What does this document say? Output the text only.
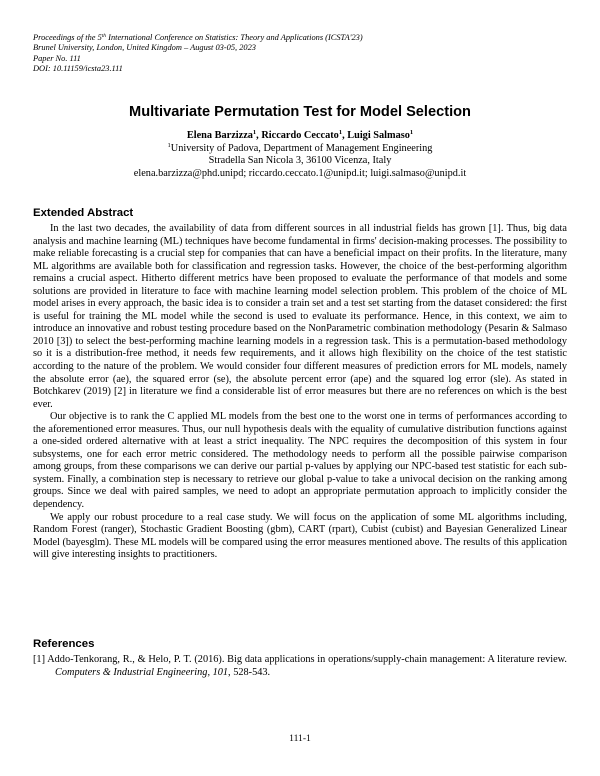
Proceedings of the 5th International Conference on Statistics: Theory and Applications (ICSTA'23)
Brunel University, London, United Kingdom – August 03-05, 2023
Paper No. 111
DOI: 10.11159/icsta23.111
Multivariate Permutation Test for Model Selection
Elena Barzizza$^1$, Riccardo Ceccato$^1$, Luigi Salmaso$^1$
$^1$University of Padova, Department of Management Engineering
Stradella San Nicola 3, 36100 Vicenza, Italy
elena.barzizza@phd.unipd; riccardo.ceccato.1@unipd.it; luigi.salmaso@unipd.it
Extended Abstract

In the last two decades, the availability of data from different sources in all industrial fields has grown [1]. Thus, big data analysis and machine learning (ML) techniques have become fundamental in firms' decision-making processes. The possibility to make reliable forecasting is a crucial step for companies that can have a beneficial impact on their profits. In the literature, many ML algorithms are available both for classification and regression tasks. However, the choice of the best-performing algorithm remains a crucial aspect. Hitherto different metrics have been proposed to evaluate the performance of that models and some solutions are provided in literature to face with machine learning model selection problem. This problem of the choice of ML model arises in every approach, the basic idea is to consider a train set and a test set starting from the dataset considered: the first is useful for training the ML model while the second is used to evaluate its performance. Hence, in this context, we aim to introduce an innovative and robust testing procedure based on the NonParametric combination methodology (Pesarin & Salmaso 2010 [3]) to select the best-performing machine learning models in a regression task. This is a permutation-based methodology so it is a distribution-free method, it needs few requirements, and it allows high flexibility on the choice of the test statistic according to the nature of the problem. We would consider four different measures of prediction errors for ML models, namely the absolute error (ae), the squared error (se), the absolute percent error (ape) and the squared log error (sle). As stated in Botchkarev (2019) [2] in literature we find a considerable list of error measures but there are no references on which is the best ever.

Our objective is to rank the C applied ML models from the best one to the worst one in terms of performances according to the aforementioned error measures. Thus, our null hypothesis deals with the equality of cumulative distribution functions against a one-sided ordered alternative with at least a strict inequality. The NPC requires the decomposition of this system in four subsystems, one for each error metric considered. The methodology needs to perform all the possible pairwise comparison among groups, from these comparisons we can derive our partial p-values by applying our NPC-based test statistic for each sub-system. Finally, a combination step is necessary to retrieve our global p-value to take a univocal decision on the ranking among groups. Since we deal with paired samples, we need to adopt an appropriate permutation approach to implicitly consider the dependency.

We apply our robust procedure to a real case study. We will focus on the application of some ML algorithms including, Random Forest (ranger), Stochastic Gradient Boosting (gbm), CART (rpart), Cubist (cubist) and Bayesian Generalized Linear Model (bayesglm). These ML models will be compared using the error measures mentioned above. The results of this application will give interesting insights to practitioners.

References
[1] Addo-Tenkorang, R., & Helo, P. T. (2016). Big data applications in operations/supply-chain management: A literature review. Computers & Industrial Engineering, 101, 528-543.
111-1
